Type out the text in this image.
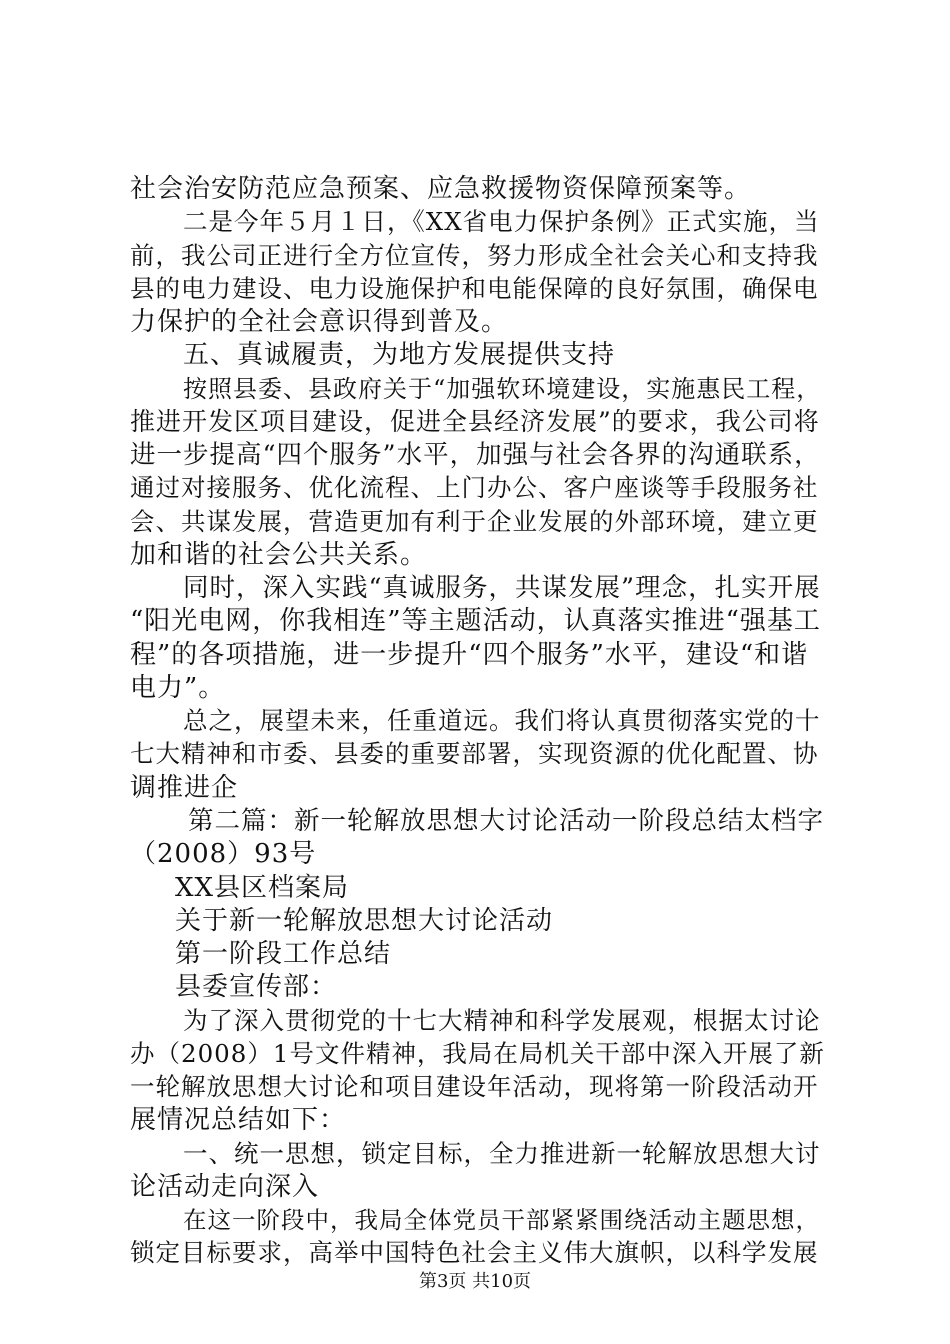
社会治安防范应急预案、应急救援物资保障预案等。
二是今年５月１日，《XX省电力保护条例》正式实施，当
前，我公司正进行全方位宣传，努力形成全社会关心和支持我
县的电力建设、电力设施保护和电能保障的良好氛围，确保电
力保护的全社会意识得到普及。
五、真诚履责，为地方发展提供支持
按照县委、县政府关于“加强软环境建设，实施惠民工程，
推进开发区项目建设，促进全县经济发展”的要求，我公司将
进一步提高“四个服务”水平，加强与社会各界的沟通联系，
通过对接服务、优化流程、上门办公、客户座谈等手段服务社
会、共谋发展，营造更加有利于企业发展的外部环境，建立更
加和谐的社会公共关系。
同时，深入实践“真诚服务，共谋发展”理念，扎实开展
“阳光电网，你我相连”等主题活动，认真落实推进“强基工
程”的各项措施，进一步提升“四个服务”水平，建设“和谐
电力”。
总之，展望未来，任重道远。我们将认真贯彻落实党的十
七大精神和市委、县委的重要部署，实现资源的优化配置、协
调推进企
第二篇：新一轮解放思想大讨论活动一阶段总结太档字
（2008）93号
XX县区档案局
关于新一轮解放思想大讨论活动
第一阶段工作总结
县委宣传部：
为了深入贯彻党的十七大精神和科学发展观，根据太讨论
办（2008）1号文件精神，我局在局机关干部中深入开展了新
一轮解放思想大讨论和项目建设年活动，现将第一阶段活动开
展情况总结如下：
一、统一思想，锁定目标，全力推进新一轮解放思想大讨
论活动走向深入
在这一阶段中，我局全体党员干部紧紧围绕活动主题思想，
锁定目标要求，高举中国特色社会主义伟大旗帜，以科学发展
第3页 共10页
